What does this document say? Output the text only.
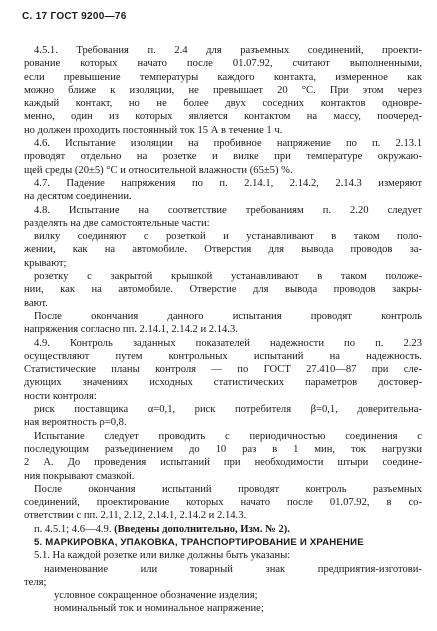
С. 17 ГОСТ 9200—76

4.5.1. Требования п. 2.4 для разъемных соединений, проекти-

рование которых начато после 01.07.92, считают выполненными,

если превышение температуры каждого контакта, измеренное как

можно ближе к изоляции, не превышает 20 °С. При этом через

каждый контакт, но не более двух соседних контактов одновре-

менно, один из которых является контактом на массу, поочеред-

но должен проходить постоянный ток 15 А в течение 1 ч.

4.6. Испытание изоляции на пробивное напряжение по п. 2.13.1

проводят отдельно на розетке и вилке при температуре окружаю-

щей среды (20±5) °С и относительной влажности (65±5) %.

4.7. Падение напряжения по п. 2.14.1, 2.14.2, 2.14.3 измеряют

на десятом соединении.

4.8. Испытание на соответствие требованиям п. 2.20 следует

разделять на две самостоятельные части:

вилку соединяют с розеткой и устанавливают в таком поло-

жении, как на автомобиле. Отверстия для вывода проводов за-

крывают;

розетку с закрытой крышкой устанавливают в таком положе-

нии, как на автомобиле. Отверстие для вывода проводов закры-

вают.

После окончания данного испытания проводят контроль

напряжения согласно пп. 2.14.1, 2.14.2 и 2.14.3.

4.9. Контроль заданных показателей надежности по п. 2.23

осуществляют путем контрольных испытаний на надежность.

Статистические планы контроля — по ГОСТ 27.410—87 при сле-

дующих значениях исходных статистических параметров достовер-

ности контроля:

риск поставщика α=0,1, риск потребителя β=0,1, доверительна-

ная вероятность ρ=0,8.

Испытание следует проводить с периодичностью соединения с

последующим разъединением до 10 раз в 1 мин, ток нагрузки

2 А. До проведения испытаний при необходимости штыри соедине-

ния покрывают смазкой.

После окончания испытаний проводят контроль разъемных

соединений, проектирование которых начато после 01.07.92, в со-

ответствии с пп. 2.11, 2.12, 2.14.1, 2.14.2 и 2.14.3.

п. 4.5.1; 4.6—4.9. (Введены дополнительно, Изм. № 2).

5. МАРКИРОВКА, УПАКОВКА, ТРАНСПОРТИРОВАНИЕ И ХРАНЕНИЕ

5.1. На каждой розетке или вилке должны быть указаны:

наименование или товарный знак предприятия-изготови-

теля;

условное сокращенное обозначение изделия;

номинальный ток и номинальное напряжение;
